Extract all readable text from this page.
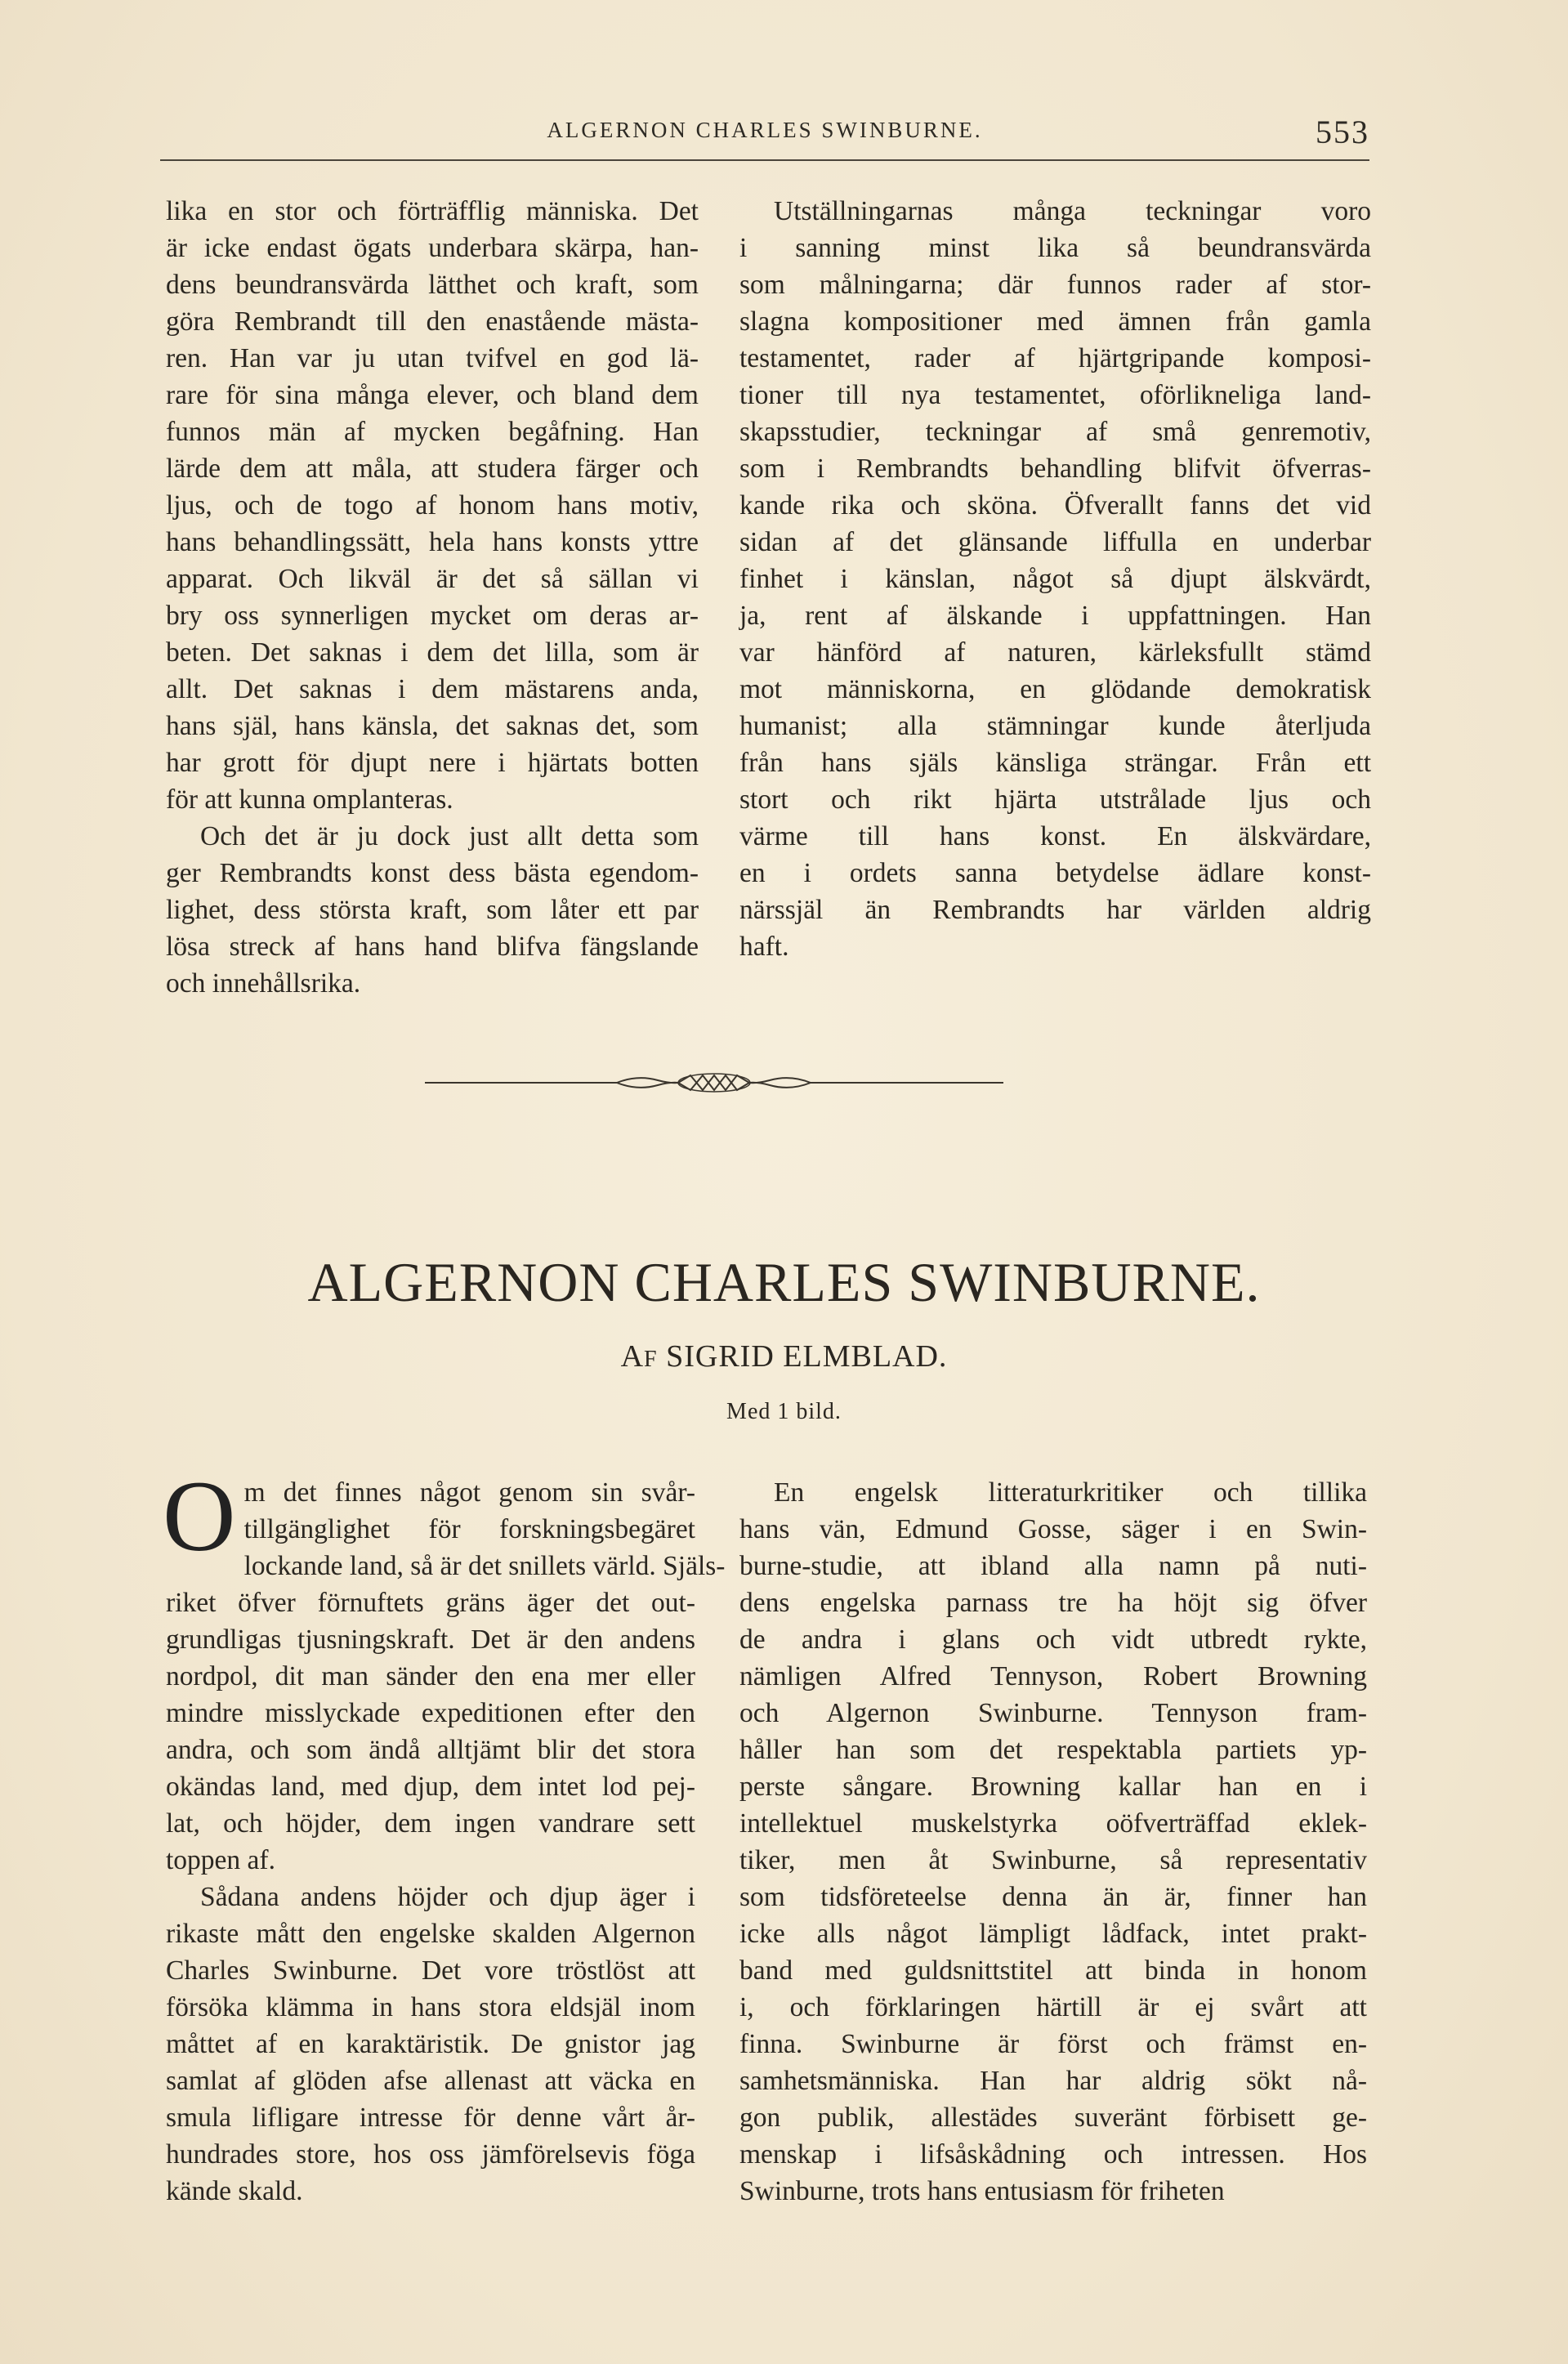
ALGERNON CHARLES SWINBURNE.	553
lika en stor och förträfflig människa. Det
är icke endast ögats underbara skärpa, han-
dens beundransvärda lätthet och kraft, som
göra Rembrandt till den enastående mästa-
ren. Han var ju utan tvifvel en god lä-
rare för sina många elever, och bland dem
funnos män af mycken begåfning. Han
lärde dem att måla, att studera färger och
ljus, och de togo af honom hans motiv,
hans behandlingssätt, hela hans konsts yttre
apparat. Och likväl är det så sällan vi
bry oss synnerligen mycket om deras ar-
beten. Det saknas i dem det lilla, som är
allt. Det saknas i dem mästarens anda,
hans själ, hans känsla, det saknas det, som
har grott för djupt nere i hjärtats botten
för att kunna omplanteras.
Och det är ju dock just allt detta som
ger Rembrandts konst dess bästa egendom-
lighet, dess största kraft, som låter ett par
lösa streck af hans hand blifva fängslande
och innehållsrika.
Utställningarnas många teckningar voro
i sanning minst lika så beundransvärda
som målningarna; där funnos rader af stor-
slagna kompositioner med ämnen från gamla
testamentet, rader af hjärtgripande komposi-
tioner till nya testamentet, oförlikneliga land-
skapsstudier, teckningar af små genremotiv,
som i Rembrandts behandling blifvit öfverras-
kande rika och sköna. Öfverallt fanns det vid
sidan af det glänsande liffulla en underbar
finhet i känslan, något så djupt älskvärdt,
ja, rent af älskande i uppfattningen. Han
var hänförd af naturen, kärleksfullt stämd
mot människorna, en glödande demokratisk
humanist; alla stämningar kunde återljuda
från hans själs känsliga strängar. Från ett
stort och rikt hjärta utstrålade ljus och
värme till hans konst. En älskvärdare,
en i ordets sanna betydelse ädlare konst-
närssjäl än Rembrandts har världen aldrig
haft.
ALGERNON CHARLES SWINBURNE.
AF SIGRID ELMBLAD.
Med 1 bild.
O m det finnes något genom sin svår-
tillgänglighet för forskningsbegäret
lockande land, så är det snillets värld. Själs-
riket öfver förnuftets gräns äger det out-
grundligas tjusningskraft. Det är den andens
nordpol, dit man sänder den ena mer eller
mindre misslyckade expeditionen efter den
andra, och som ändå alltjämt blir det stora
okändas land, med djup, dem intet lod pej-
lat, och höjder, dem ingen vandrare sett
toppen af.
Sådana andens höjder och djup äger i
rikaste mått den engelske skalden Algernon
Charles Swinburne. Det vore tröstlöst att
försöka klämma in hans stora eldsjäl inom
måttet af en karaktäristik. De gnistor jag
samlat af glöden afse allenast att väcka en
smula lifligare intresse för denne vårt år-
hundrades store, hos oss jämförelsevis föga
kände skald.
En engelsk litteraturkritiker och tillika
hans vän, Edmund Gosse, säger i en Swin-
burne-studie, att ibland alla namn på nuti-
dens engelska parnass tre ha höjt sig öfver
de andra i glans och vidt utbredt rykte,
nämligen Alfred Tennyson, Robert Browning
och Algernon Swinburne. Tennyson fram-
håller han som det respektabla partiets yp-
perste sångare. Browning kallar han en i
intellektuel muskelstyrka oöfverträffad eklek-
tiker, men åt Swinburne, så representativ
som tidsföreteelse denna än är, finner han
icke alls något lämpligt lådfack, intet prakt-
band med guldsnittstitel att binda in honom
i, och förklaringen härtill är ej svårt att
finna. Swinburne är först och främst en-
samhetsmänniska. Han har aldrig sökt nå-
gon publik, allestädes suveränt förbisett ge-
menskap i lifsåskådning och intressen. Hos
Swinburne, trots hans entusiasm för friheten
